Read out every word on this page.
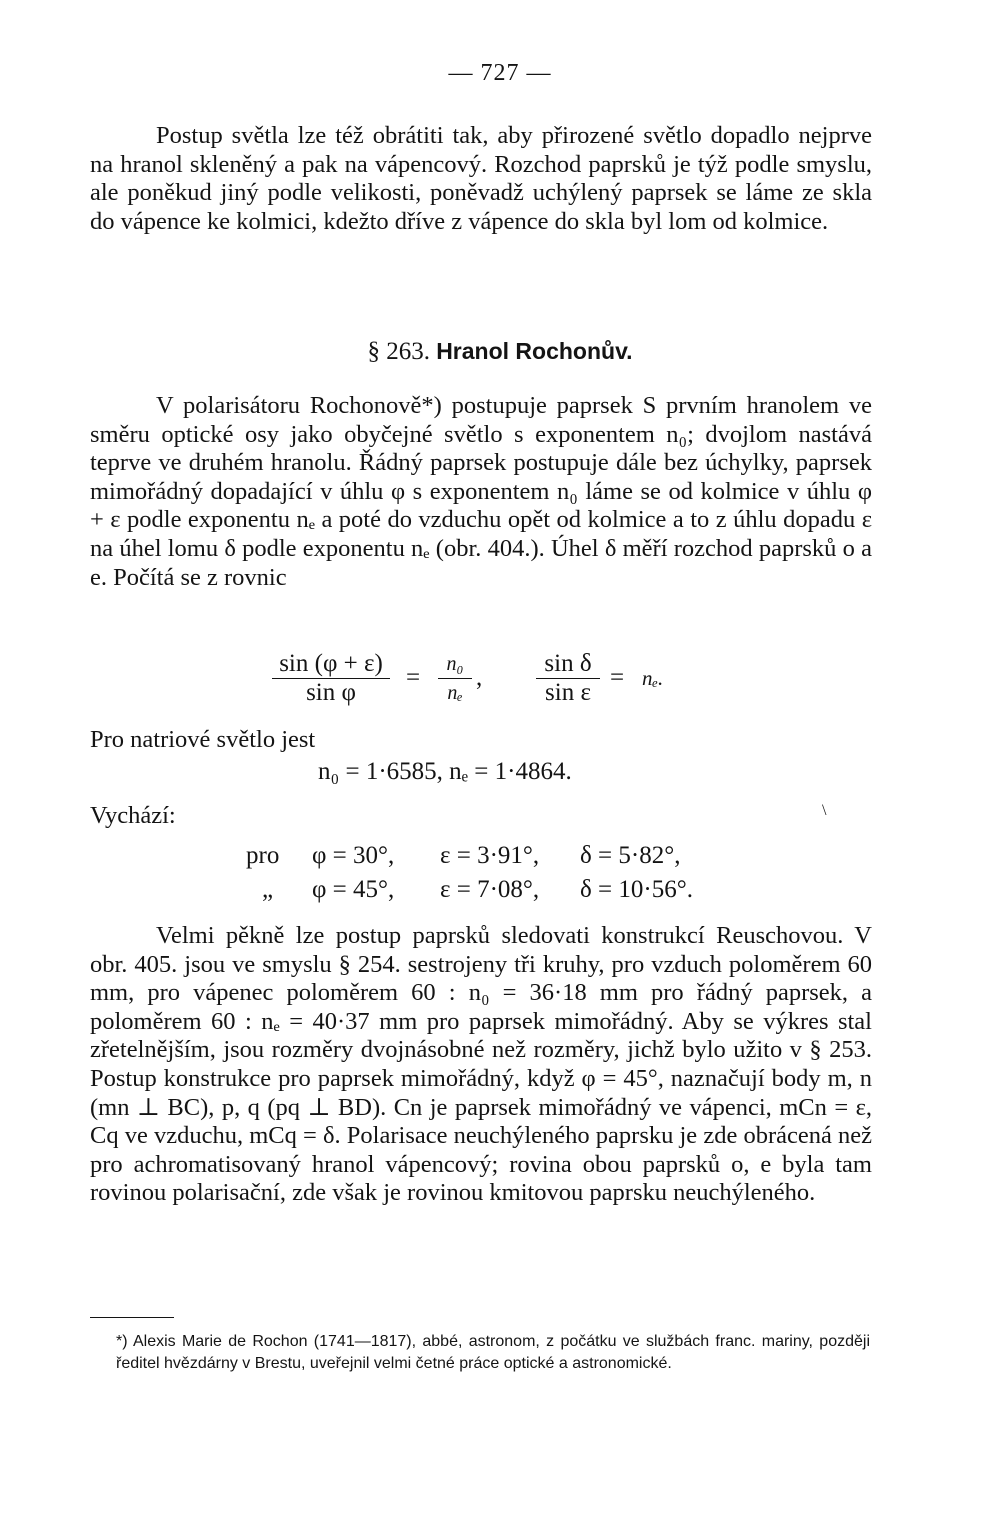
— 727 —

Postup světla lze též obrátiti tak, aby přirozené světlo dopadlo nejprve na hranol skleněný a pak na vápencový. Rozchod paprsků je týž podle smyslu, ale poněkud jiný podle velikosti, poněvadž uchýlený paprsek se láme ze skla do vápence ke kolmici, kdežto dříve z vápence do skla byl lom od kolmice.

§ 263. Hranol Rochonův.

V polarisátoru Rochonově*) postupuje paprsek S prvním hranolem ve směru optické osy jako obyčejné světlo s exponentem n₀; dvojlom nastává teprve ve druhém hranolu. Řádný paprsek postupuje dále bez úchylky, paprsek mimořádný dopadající v úhlu φ s exponentem n₀ láme se od kolmice v úhlu φ + ε podle exponentu nₑ a poté do vzduchu opět od kolmice a to z úhlu dopadu ε na úhel lomu δ podle exponentu nₑ (obr. 404.). Úhel δ měří rozchod paprsků o a e. Počítá se z rovnic

$\frac{\sin (\varphi + \varepsilon)}{\text{sin φ}} = \frac{\text{n₀}}{\text{nₑ}}$ , $\frac{\text{sin δ}}{\text{sin ε}} = n_e$.
Pro natriové světlo jest
n₀ = 1·6585, nₑ = 1·4864.
Vychází:	\
pro φ = 30°, ε = 3·91°, δ = 5·82°,
„ φ = 45°, ε = 7·08°, δ = 10·56°.

Velmi pěkně lze postup paprsků sledovati konstrukcí Reuschovou. V obr. 405. jsou ve smyslu § 254. sestrojeny tři kruhy, pro vzduch poloměrem 60 mm, pro vápenec poloměrem 60 : n₀ = 36·18 mm pro řádný paprsek, a poloměrem 60 : nₑ = 40·37 mm pro paprsek mimořádný. Aby se výkres stal zřetelnějším, jsou rozměry dvojnásobné než rozměry, jichž bylo užito v § 253. Postup konstrukce pro paprsek mimořádný, když φ = 45°, naznačují body m, n (mn ⊥ BC), p, q (pq ⊥ BD). Cn je paprsek mimořádný ve vápenci, mCn = ε, Cq ve vzduchu, mCq = δ. Polarisace neuchýleného paprsku je zde obrácená než pro achromatisovaný hranol vápencový; rovina obou paprsků o, e byla tam rovinou polarisační, zde však je rovinou kmitovou paprsku neuchýleného.

*) Alexis Marie de Rochon (1741—1817), abbé, astronom, z počátku ve službách franc. mariny, později ředitel hvězdárny v Brestu, uveřejnil velmi četné práce optické a astronomické.
